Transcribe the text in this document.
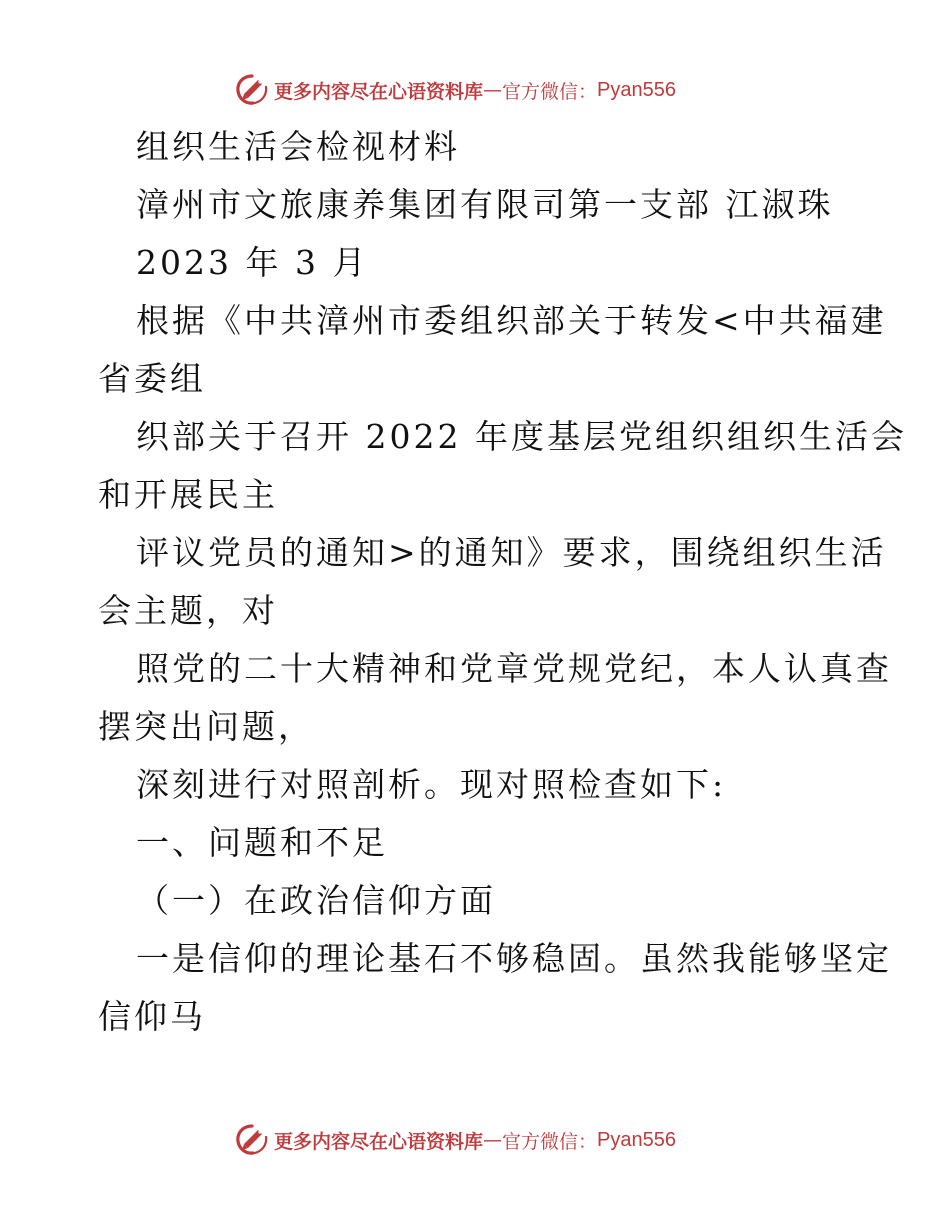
更多内容尽在心语资料库 — 官方微信： Pyan556
组织生活会检视材料
漳州市文旅康养集团有限司第一支部 江淑珠
2023 年 3 月
根据《中共漳州市委组织部关于转发<中共福建
省委组
织部关于召开 2022 年度基层党组织组织生活会
和开展民主
评议党员的通知>的通知》要求，围绕组织生活
会主题，对
照党的二十大精神和党章党规党纪，本人认真查
摆突出问题，
深刻进行对照剖析。现对照检查如下:
一、问题和不足
（一）在政治信仰方面
一是信仰的理论基石不够稳固。虽然我能够坚定
信仰马
更多内容尽在心语资料库 — 官方微信： Pyan556
